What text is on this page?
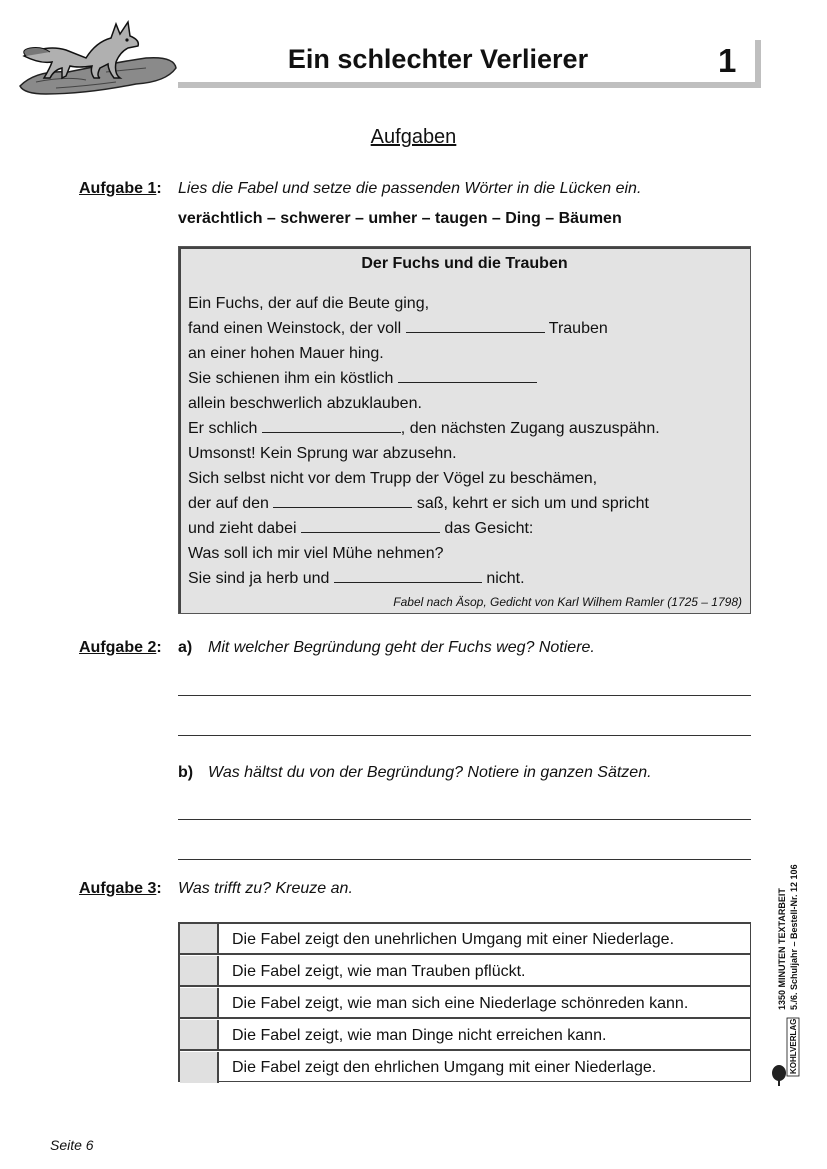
Ein schlechter Verlierer	1
Aufgaben
Aufgabe 1: Lies die Fabel und setze die passenden Wörter in die Lücken ein.
verächtlich – schwerer – umher – taugen – Ding – Bäumen
Der Fuchs und die Trauben
Ein Fuchs, der auf die Beute ging,
fand einen Weinstock, der voll	Trauben
an einer hohen Mauer hing.
Sie schienen ihm ein köstlich
allein beschwerlich abzuklauben.
Er schlich	, den nächsten Zugang auszuspähn.
Umsonst! Kein Sprung war abzusehn.
Sich selbst nicht vor dem Trupp der Vögel zu beschämen,
der auf den	saß, kehrt er sich um und spricht
und zieht dabei	das Gesicht:
Was soll ich mir viel Mühe nehmen?
Sie sind ja herb und	nicht.
Fabel nach Äsop, Gedicht von Karl Wilhem Ramler (1725 – 1798)
Aufgabe 2: a) Mit welcher Begründung geht der Fuchs weg? Notiere.
b) Was hältst du von der Begründung? Notiere in ganzen Sätzen.
Aufgabe 3: Was trifft zu? Kreuze an.
Die Fabel zeigt den unehrlichen Umgang mit einer Niederlage.
Die Fabel zeigt, wie man Trauben pflückt.
Die Fabel zeigt, wie man sich eine Niederlage schönreden kann.
Die Fabel zeigt, wie man Dinge nicht erreichen kann.
Die Fabel zeigt den ehrlichen Umgang mit einer Niederlage.
1350 MINUTEN TEXTARBEIT 5./6. Schuljahr – Bestell-Nr. 12 106
KOHLVERLAG
Seite 6
